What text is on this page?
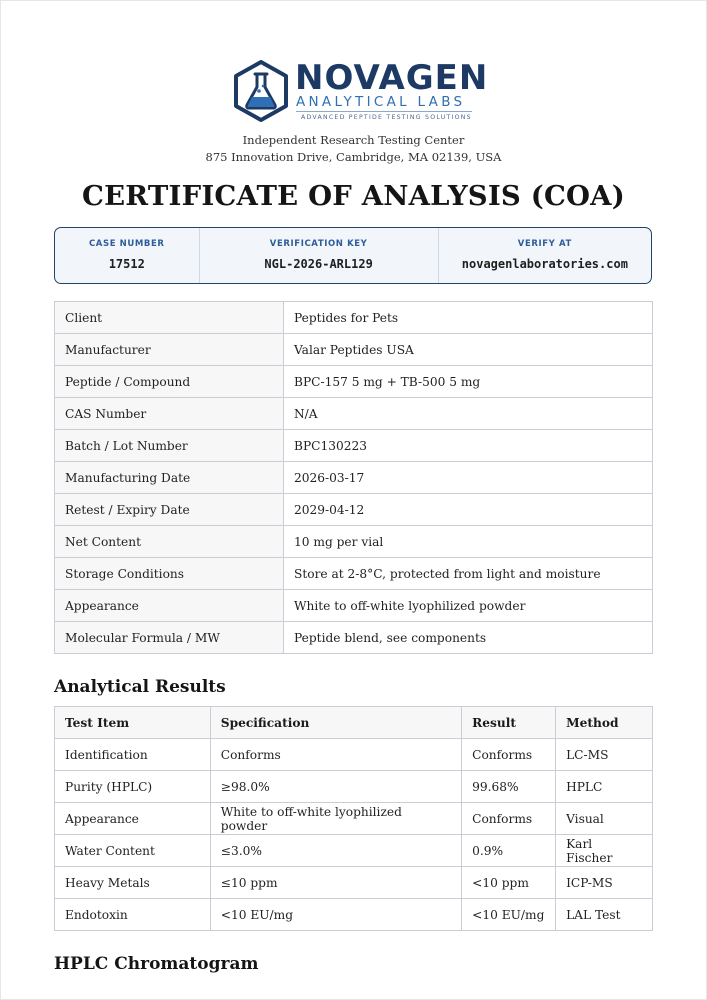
NOVAGEN
ANALYTICAL LABS
ADVANCED PEPTIDE TESTING SOLUTIONS
Independent Research Testing Center
875 Innovation Drive, Cambridge, MA 02139, USA
CERTIFICATE OF ANALYSIS (COA)
CASE NUMBER
17512
VERIFICATION KEY
NGL-2026-ARL129
VERIFY AT
novagenlaboratories.com
Client	Peptides for Pets
Manufacturer	Valar Peptides USA
Peptide / Compound	BPC-157 5 mg + TB-500 5 mg
CAS Number	N/A
Batch / Lot Number	BPC130223
Manufacturing Date	2026-03-17
Retest / Expiry Date	2029-04-12
Net Content	10 mg per vial
Storage Conditions	Store at 2-8°C, protected from light and moisture
Appearance	White to off-white lyophilized powder
Molecular Formula / MW	Peptide blend, see components
Analytical Results
Test Item	Specification	Result	Method
Identification	Conforms	Conforms	LC-MS
Purity (HPLC)	≥98.0%	99.68%	HPLC
Appearance	White to off-white lyophilized powder	Conforms	Visual
Water Content	≤3.0%	0.9%	Karl Fischer
Heavy Metals	≤10 ppm	<10 ppm	ICP-MS
Endotoxin	<10 EU/mg	<10 EU/mg	LAL Test
HPLC Chromatogram
